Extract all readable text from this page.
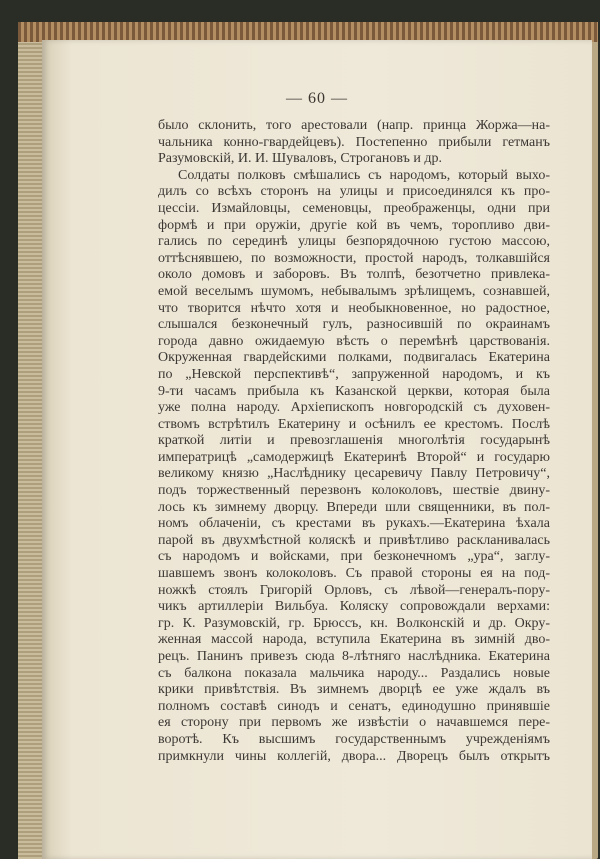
— 60 —
было склонить, того арестовали (напр. принца Жоржа—на-
чальника конно-гвардейцевъ). Постепенно прибыли гетманъ
Разумовскій, И. И. Шуваловъ, Строгановъ и др.
Солдаты полковъ смѣшались съ народомъ, который выхо-
дилъ со всѣхъ сторонъ на улицы и присоединялся къ про-
цессіи. Измайловцы, семеновцы, преображенцы, одни при
формѣ и при оружіи, другіе кой въ чемъ, торопливо дви-
гались по серединѣ улицы безпорядочною густою массою,
оттѣснявшею, по возможности, простой народъ, толкавшійся
около домовъ и заборовъ. Въ толпѣ, безотчетно привлека-
емой веселымъ шумомъ, небывалымъ зрѣлищемъ, сознавшей,
что творится нѣчто хотя и необыкновенное, но радостное,
слышался безконечный гулъ, разносившій по окраинамъ
города давно ожидаемую вѣсть о перемѣнѣ царствованія.
Окруженная гвардейскими полками, подвигалась Екатерина
по „Невской перспективѣ“, запруженной народомъ, и къ
9-ти часамъ прибыла къ Казанской церкви, которая была
уже полна народу. Архіепископъ новгородскій съ духовен-
ствомъ встрѣтилъ Екатерину и осѣнилъ ее крестомъ. Послѣ
краткой литіи и превозглашенія многолѣтія государынѣ
императрицѣ „самодержицѣ Екатеринѣ Второй“ и государю
великому князю „Наслѣднику цесаревичу Павлу Петровичу“,
подъ торжественный перезвонъ колоколовъ, шествіе двину-
лось къ зимнему дворцу. Впереди шли священники, въ пол-
номъ облаченіи, съ крестами въ рукахъ.—Екатерина ѣхала
парой въ двухмѣстной коляскѣ и привѣтливо раскланивалась
съ народомъ и войсками, при безконечномъ „ура“, заглу-
шавшемъ звонъ колоколовъ. Съ правой стороны ея на под-
ножкѣ стоялъ Григорій Орловъ, съ лѣвой—генералъ-пору-
чикъ артиллеріи Вильбуа. Коляску сопровождали верхами:
гр. К. Разумовскій, гр. Брюссъ, кн. Волконскій и др. Окру-
женная массой народа, вступила Екатерина въ зимній дво-
рецъ. Панинъ привезъ сюда 8-лѣтняго наслѣдника. Екатерина
съ балкона показала мальчика народу... Раздались новые
крики привѣтствія. Въ зимнемъ дворцѣ ее уже ждалъ въ
полномъ составѣ синодъ и сенатъ, единодушно принявшіе
ея сторону при первомъ же извѣстіи о начавшемся пере-
воротѣ. Къ высшимъ государственнымъ учрежденіямъ
примкнули чины коллегій, двора... Дворецъ былъ открытъ
